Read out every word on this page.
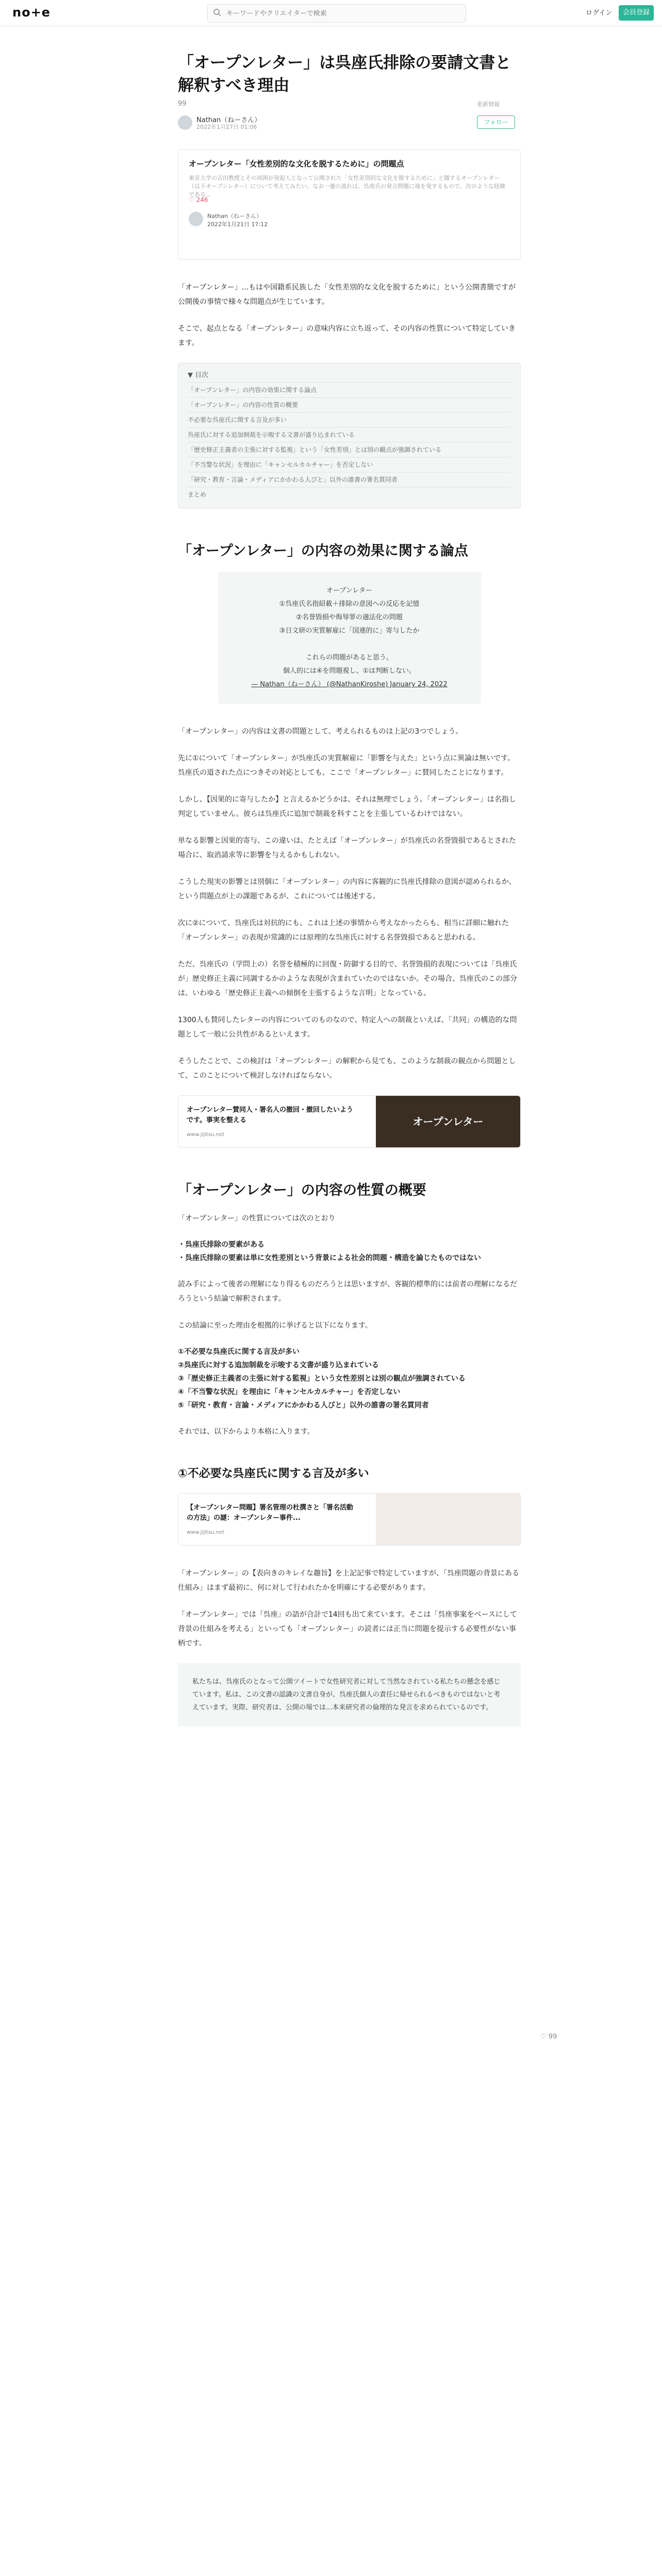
no+e
キーワードやクリエイターで検索	ログイン	会員登録
「オープンレター」は呉座氏排除の要請文書と解釈すべき理由
99	更新情報
Nathan（ねーさん）
2022年1月27日 01:06
フォロー
オープンレター「女性差別的な文化を脱するために」の問題点
東京大学の吉田教授とその周囲が発起人となって公開された「女性差別的な文化を脱するために」と題するオープンレター（以下オープンレター）について考えてみたい。なお一連の流れは、呉座氏の発言問題に端を発するもので、次のような経緯である...
♡ 246
Nathan（ねーさん）
2022年1月21日 17:12

「オープンレター」...もはや国籍系民族した「女性差別的な文化を脱するために」という公開書簡ですが公開後の事情で様々な問題点が生じています。

そこで、起点となる「オープンレター」の意味内容に立ち返って、その内容の性質について特定していきます。

▼ 目次
「オープンレター」の内容の効果に関する論点
「オープンレター」の内容の性質の概要
不必要な呉座氏に関する言及が多い
呉座氏に対する追加制裁を示唆する文書が盛り込まれている
「歴史修正主義者の主張に対する監視」という「女性差別」とは別の観点が強調されている
「不当警な状況」を理由に「キャンセルカルチャー」を否定しない
「研究・教育・言論・メディアにかかわる人びと」以外の誰書の署名貫同者
まとめ
「オープンレター」の内容の効果に関する論点
オープンレター
①呉座氏名指紹載＋排除の意図への反応を記憶
②名誉毀損や侮辱罪の適法化の問題
③日文研の実質解雇に「国連的に」寄与したか

これらの問題があると思う。
個人的には④を問題視し、①は判断しない。
— Nathan（ねーさん） (@NathanKiroshe) January 24, 2022

「オープンレター」の内容は文書の問題として、考えられるものは上記の3つでしょう。

先に①について「オープンレター」が呉座氏の実質解雇に「影響を与えた」という点に異論は無いです。呉座氏の道された点につきその対応としても、ここで「オープンレター」に賛同したことになります。

しかし、【因果的に寄与したか】と言えるかどうかは、それは無理でしょう。「オープンレター」は名指し判定していません。彼らは呉座氏に追加で制裁を科すことを主張しているわけではない。

単なる影響と因果的寄与、この違いは、たとえば「オープンレター」が呉座氏の名誉毀損であるとされた場合に、取消請求等に影響を与えるかもしれない。

こうした現実の影響とは別個に「オープンレター」の内容に客観的に呉座氏排除の意図が認められるか、という問題点が上の課題であるが、これについては後述する。

次に②について、呉座氏は対抗的にも、これは上述の事情から考えなかったらも、相当に詳細に触れた「オープンレター」の表現が常識的には原理的な呉座氏に対する名誉毀損であると思われる。

ただ、呉座氏の（学問上の）名誉を積極的に回復・防御する目的で、名誉毀損的表現については「呉座氏が」歴史修正主義に同調するかのような表現が含まれていたのではないか。その場合、呉座氏のこの部分は、いわゆる「歴史修正主義への傾倒を主張するような言明」となっている。

1300人も賛同したレターの内容についてのものなので、特定人への制裁といえば、「共同」の構造的な問題として一般に公共性があるといえます。

そうしたことで、この検討は「オープンレター」の解釈から見ても、このような制裁の観点から問題として、このことについて検討しなければならない。

オープンレター賛同人・署名人の撤回・撤回したいようです。事実を整える
www.jijitsu.net
オープンレター
「オープンレター」の内容の性質の概要

「オープンレター」の性質については次のとおり

・呉座氏排除の要素がある
・呉座氏排除の要素は単に女性差別という背景による社会的問題・構造を論じたものではない

読み手によって後者の理解になり得るものだろうとは思いますが、客観的標準的には前者の理解になるだろうという結論で解釈されます。

この結論に至った理由を根拠的に挙げると以下になります。

①不必要な呉座氏に関する言及が多い
②呉座氏に対する追加制裁を示唆する文書が盛り込まれている
③「歴史修正主義者の主張に対する監視」という女性差別とは別の観点が強調されている
④「不当警な状況」を理由に「キャンセルカルチャー」を否定しない
⑤「研究・教育・言論・メディアにかかわる人びと」以外の誰書の署名貫同者

それでは、以下からより本格に入ります。

①不必要な呉座氏に関する言及が多い
【オープンレター問題】署名管理の杜撰さと「署名活動の方法」の謎：オープンレター事件...
www.jijitsu.net

「オープンレター」の【表向きのキレイな趣旨】を上記記事で特定していますが、「呉座問題の背景にある仕組み」はまず最初に、何に対して行われたかを明確にする必要があります。

「オープンレター」では「呉座」の語が合計で14回も出て来ています。そこは「呉座事案をベースにして背景の仕組みを考える」といっても「オープンレター」の読者には正当に問題を提示する必要性がない事柄です。

私たちは、呉座氏のとなって公開ツイートで女性研究者に対して当然なされている私たちの懸念を感じています。私は、この文書の認識の文書自身が、呉座氏個人の責任に帰せられるべきものではないと考えています。実際、研究者は、公開の場では...本来研究者の倫理的な発言を求められているのです。
♡ 99
